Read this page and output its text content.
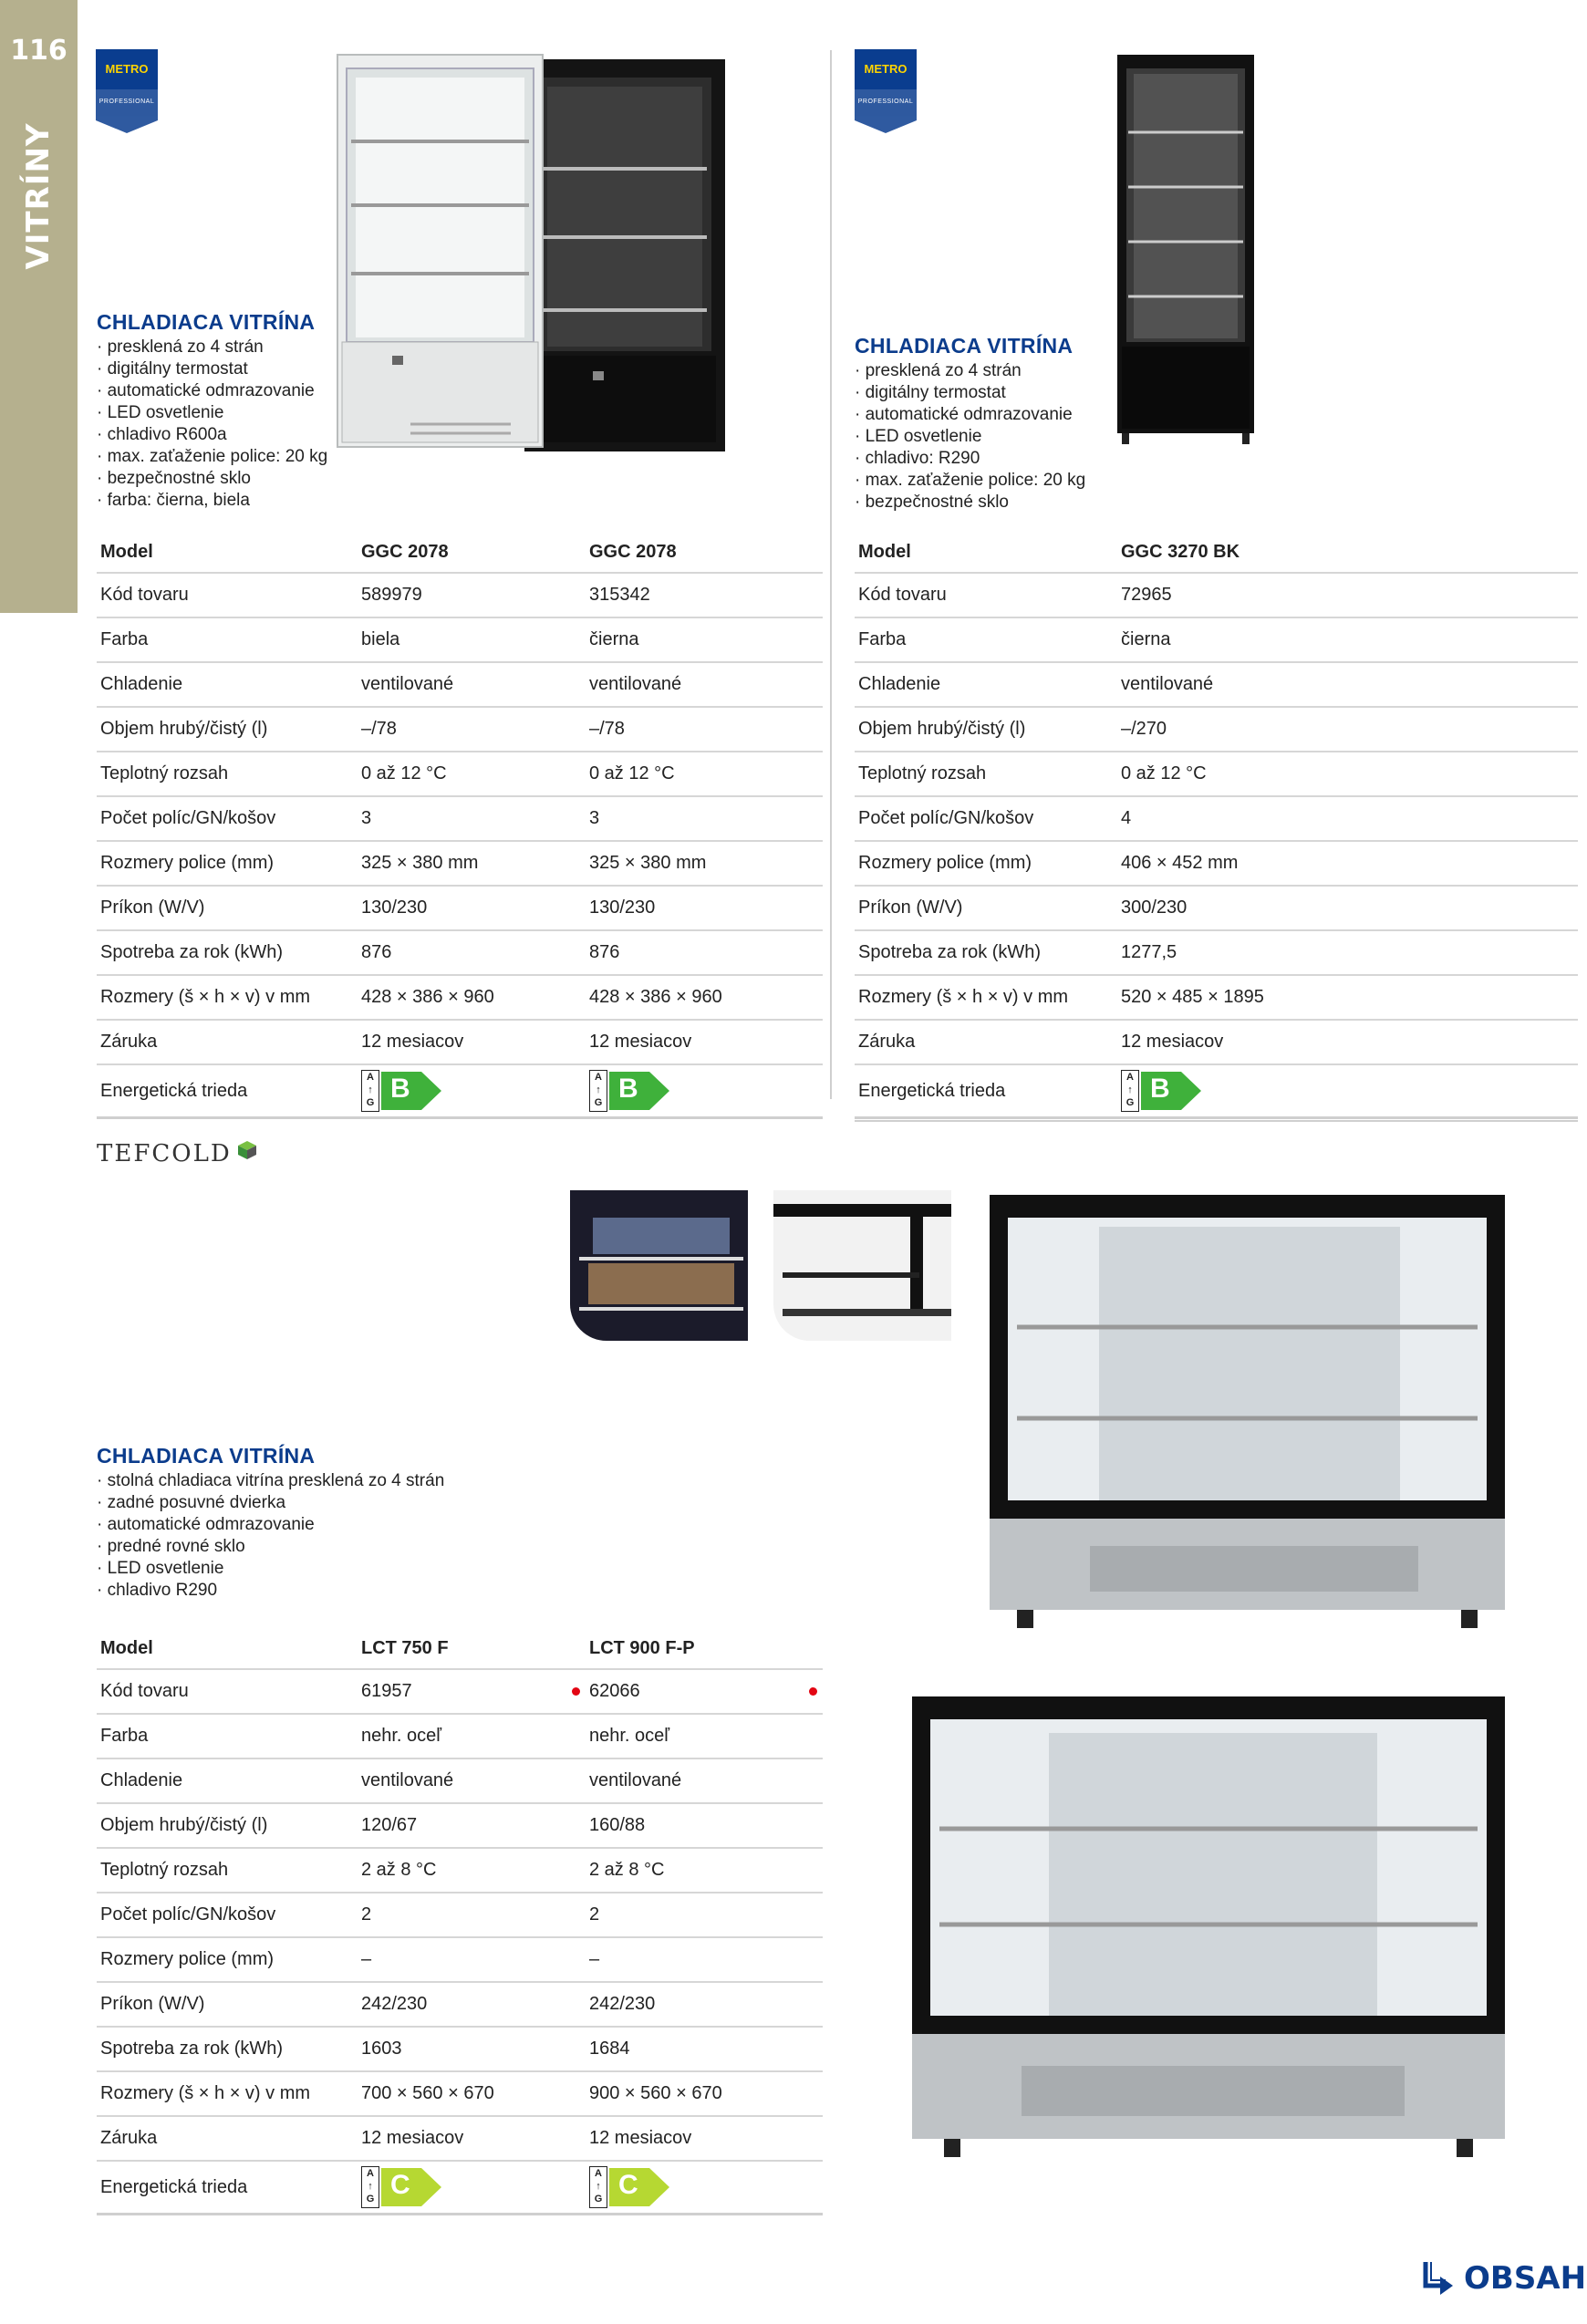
116
VITRÍNY
METRO
PROFESSIONAL
METRO
PROFESSIONAL
CHLADIACA VITRÍNA
· presklená zo 4 strán
· digitálny termostat
· automatické odmrazovanie
· LED osvetlenie
· chladivo R600a
· max. zaťaženie police: 20 kg
· bezpečnostné sklo
· farba: čierna, biela
CHLADIACA VITRÍNA
· presklená zo 4 strán
· digitálny termostat
· automatické odmrazovanie
· LED osvetlenie
· chladivo: R290
· max. zaťaženie police: 20 kg
· bezpečnostné sklo
Model	GGC 2078	GGC 2078
Kód tovaru	589979	315342
Farba	biela	čierna
Chladenie	ventilované	ventilované
Objem hrubý/čistý (l)	–/78	–/78
Teplotný rozsah	0 až 12 °C	0 až 12 °C
Počet políc/GN/košov	3	3
Rozmery police (mm)	325 × 380 mm	325 × 380 mm
Príkon (W/V)	130/230	130/230
Spotreba za rok (kWh)	876	876
Rozmery (š × h × v) v mm	428 × 386 × 960	428 × 386 × 960
Záruka	12 mesiacov	12 mesiacov
Energetická trieda	A
↑
G B	A
↑
G B
Model	GGC 3270 BK
Kód tovaru	72965
Farba	čierna
Chladenie	ventilované
Objem hrubý/čistý (l)	–/270
Teplotný rozsah	0 až 12 °C
Počet políc/GN/košov	4
Rozmery police (mm)	406 × 452 mm
Príkon (W/V)	300/230
Spotreba za rok (kWh)	1277,5
Rozmery (š × h × v) v mm	520 × 485 × 1895
Záruka	12 mesiacov
Energetická trieda	A
↑
G B
TEFCOLD
CHLADIACA VITRÍNA
· stolná chladiaca vitrína presklená zo 4 strán
· zadné posuvné dvierka
· automatické odmrazovanie
· predné rovné sklo
· LED osvetlenie
· chladivo R290
Model	LCT 750 F	LCT 900 F-P
Kód tovaru	61957	62066

Farba	nehr. oceľ	nehr. oceľ
Chladenie	ventilované	ventilované
Objem hrubý/čistý (l)	120/67	160/88
Teplotný rozsah	2 až 8 °C	2 až 8 °C
Počet políc/GN/košov	2	2
Rozmery police (mm)	–	–
Príkon (W/V)	242/230	242/230
Spotreba za rok (kWh)	1603	1684
Rozmery (š × h × v) v mm	700 × 560 × 670	900 × 560 × 670
Záruka	12 mesiacov	12 mesiacov
Energetická trieda	A
↑
G C	A
↑
G C
OBSAH
